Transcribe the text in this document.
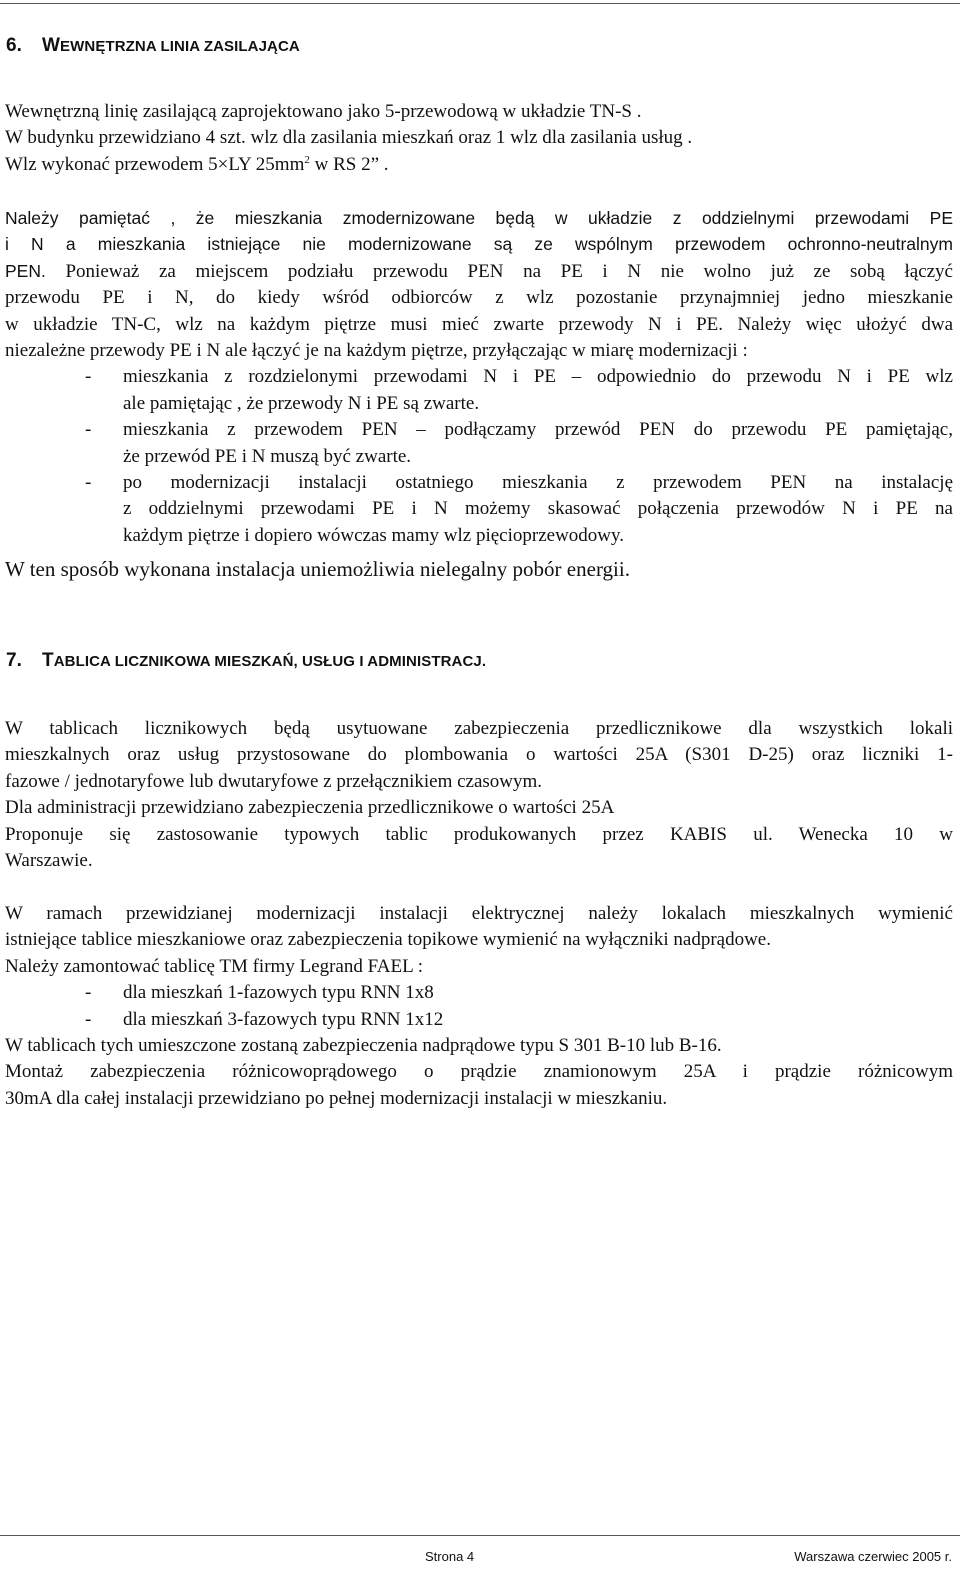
6. WEWNĘTRZNA LINIA ZASILAJĄCA
Wewnętrzną linię zasilającą zaprojektowano jako 5-przewodową w układzie TN-S .
W budynku przewidziano 4 szt. wlz dla zasilania mieszkań oraz 1 wlz dla zasilania usług .
Wlz wykonać przewodem 5×LY $25mm^2$ w RS 2” .
Należy pamiętać , że mieszkania zmodernizowane będą w układzie z oddzielnymi przewodami PE
i N a mieszkania istniejące nie modernizowane są ze wspólnym przewodem ochronno-neutralnym
PEN. Ponieważ za miejscem podziału przewodu PEN na PE i N nie wolno już ze sobą łączyć
przewodu PE i N, do kiedy wśród odbiorców z wlz pozostanie przynajmniej jedno mieszkanie
w układzie TN-C, wlz na każdym piętrze musi mieć zwarte przewody N i PE. Należy więc ułożyć dwa
niezależne przewody PE i N ale łączyć je na każdym piętrze, przyłączając w miarę modernizacji :
- mieszkania z rozdzielonymi przewodami N i PE – odpowiednio do przewodu N i PE wlz
ale pamiętając , że przewody N i PE są zwarte.
- mieszkania z przewodem PEN – podłączamy przewód PEN do przewodu PE pamiętając,
że przewód PE i N muszą być zwarte.
- po modernizacji instalacji ostatniego mieszkania z przewodem PEN na instalację
z oddzielnymi przewodami PE i N możemy skasować połączenia przewodów N i PE na
każdym piętrze i dopiero wówczas mamy wlz pięcioprzewodowy.
W ten sposób wykonana instalacja uniemożliwia nielegalny pobór energii.
7. TABLICA LICZNIKOWA MIESZKAŃ, USŁUG I ADMINISTRACJ.
W tablicach licznikowych będą usytuowane zabezpieczenia przedlicznikowe dla wszystkich lokali
mieszkalnych oraz usług przystosowane do plombowania o wartości 25A (S301 D-25) oraz liczniki 1-
fazowe / jednotaryfowe lub dwutaryfowe z przełącznikiem czasowym.
Dla administracji przewidziano zabezpieczenia przedlicznikowe o wartości 25A
Proponuje się zastosowanie typowych tablic produkowanych przez KABIS ul. Wenecka 10 w
Warszawie.
W ramach przewidzianej modernizacji instalacji elektrycznej należy lokalach mieszkalnych wymienić
istniejące tablice mieszkaniowe oraz zabezpieczenia topikowe wymienić na wyłączniki nadprądowe.
Należy zamontować tablicę TM firmy Legrand FAEL :
- dla mieszkań 1-fazowych typu RNN 1x8
- dla mieszkań 3-fazowych typu RNN 1x12
W tablicach tych umieszczone zostaną zabezpieczenia nadprądowe typu S 301 B-10 lub B-16.
Montaż zabezpieczenia różnicowoprądowego o prądzie znamionowym 25A i prądzie różnicowym
30mA dla całej instalacji przewidziano po pełnej modernizacji instalacji w mieszkaniu.
Strona 4	Warszawa czerwiec 2005 r.
